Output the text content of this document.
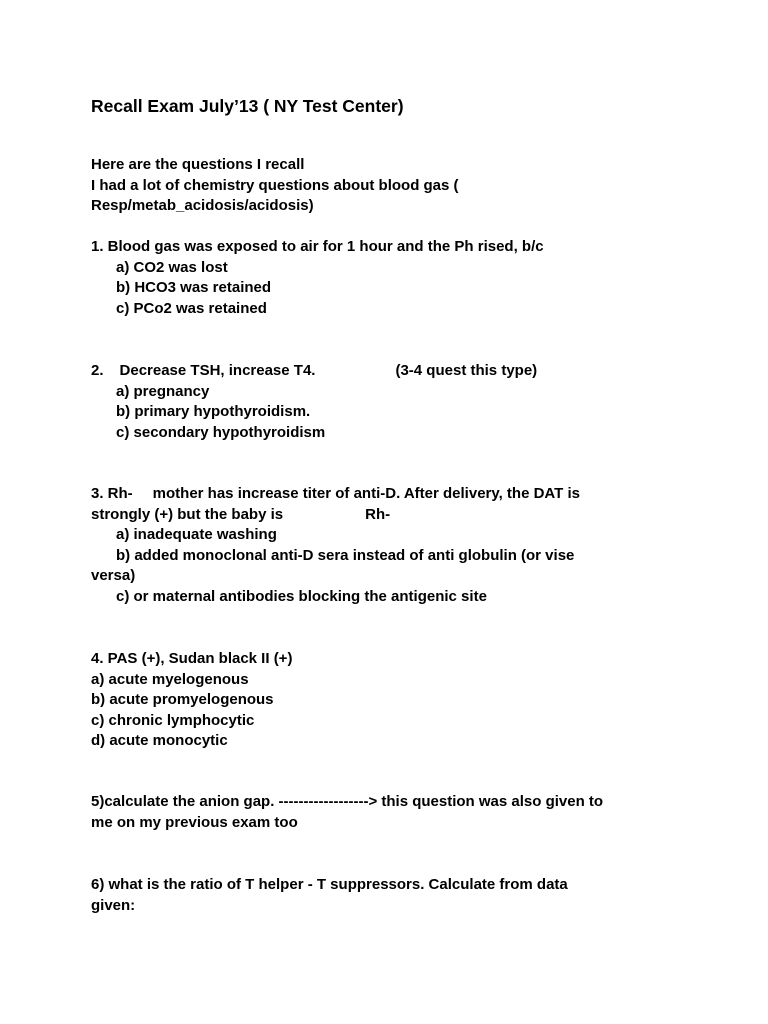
Recall Exam July’13 ( NY Test Center)
Here are the questions I recall
I had a lot of chemistry questions about blood gas (
Resp/metab_acidosis/acidosis)
1. Blood gas was exposed to air for 1 hour and the Ph rised, b/c
a) CO2 was lost
b) HCO3 was retained
c) PCo2 was retained
2. Decrease TSH, increase T4.	(3-4 quest this type)
a) pregnancy
b) primary hypothyroidism.
c) secondary hypothyroidism
3. Rh- mother has increase titer of anti-D. After delivery, the DAT is
strongly (+) but the baby is	Rh-
a) inadequate washing
b) added monoclonal anti-D sera instead of anti globulin (or vise
versa)
c) or maternal antibodies blocking the antigenic site
4. PAS (+), Sudan black II (+)
a) acute myelogenous
b) acute promyelogenous
c) chronic lymphocytic
d) acute monocytic
5)calculate the anion gap. ------------------> this question was also given to
me on my previous exam too
6) what is the ratio of T helper - T suppressors. Calculate from data
given:
